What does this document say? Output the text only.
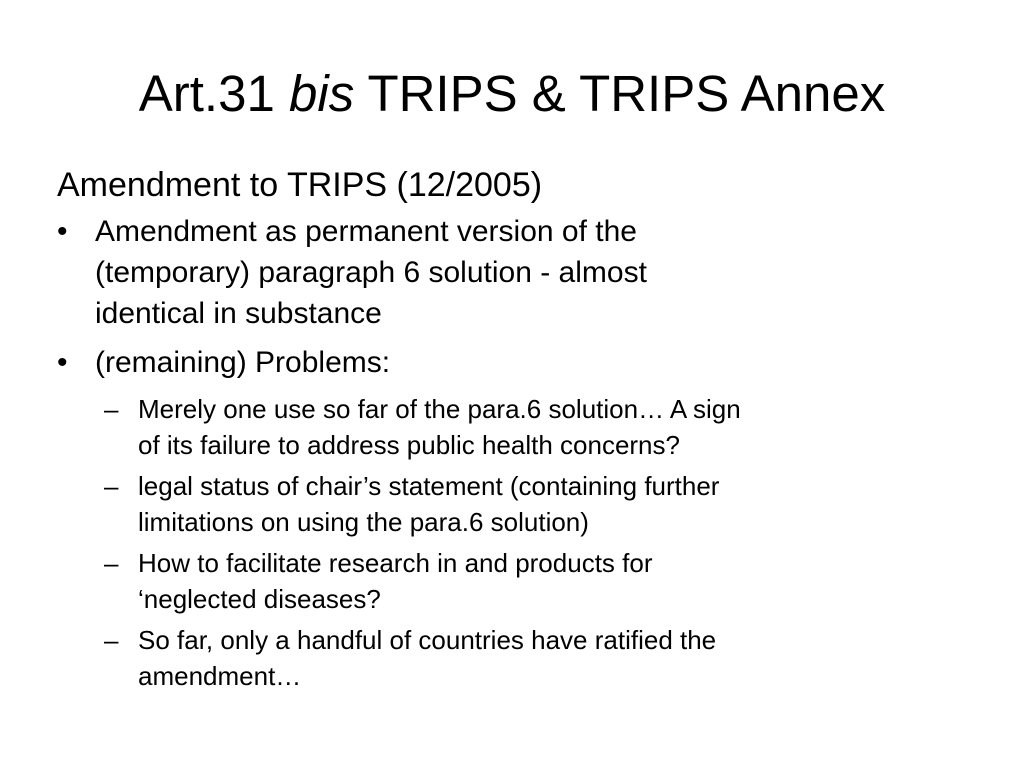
Art.31 bis TRIPS & TRIPS Annex
Amendment to TRIPS (12/2005)
• Amendment as permanent version of the
(temporary) paragraph 6 solution - almost
identical in substance
• (remaining) Problems:
– Merely one use so far of the para.6 solution… A sign
of its failure to address public health concerns?
– legal status of chair’s statement (containing further
limitations on using the para.6 solution)
– How to facilitate research in and products for
‘neglected diseases?
– So far, only a handful of countries have ratified the
amendment…
